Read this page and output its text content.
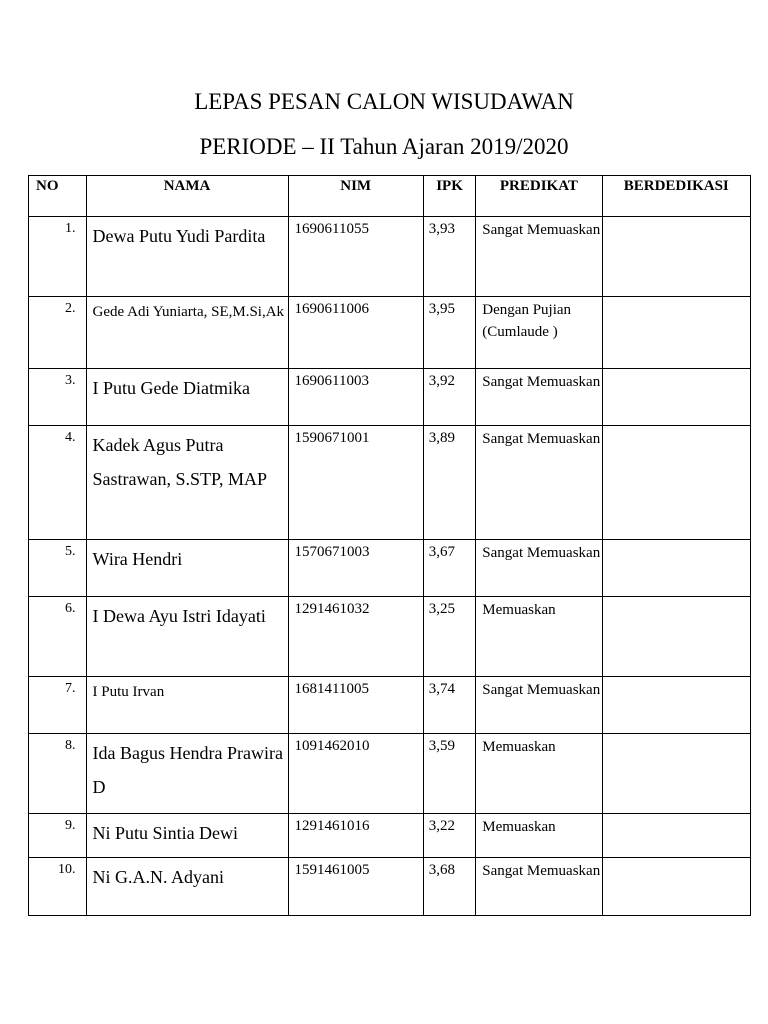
LEPAS PESAN CALON WISUDAWAN
PERIODE – II Tahun Ajaran 2019/2020
NO	NAMA	NIM	IPK	PREDIKAT	BERDEDIKASI
1.	Dewa Putu Yudi Pardita	1690611055	3,93	Sangat Memuaskan	
2.	Gede Adi Yuniarta, SE,M.Si,Ak	1690611006	3,95	Dengan Pujian (Cumlaude )	
3.	I Putu Gede Diatmika	1690611003	3,92	Sangat Memuaskan	
4.	Kadek Agus Putra Sastrawan, S.STP, MAP	1590671001	3,89	Sangat Memuaskan	
5.	Wira Hendri	1570671003	3,67	Sangat Memuaskan	
6.	I Dewa Ayu Istri Idayati	1291461032	3,25	Memuaskan	
7.	I Putu Irvan	1681411005	3,74	Sangat Memuaskan	
8.	Ida Bagus Hendra Prawira D	1091462010	3,59	Memuaskan	
9.	Ni Putu Sintia Dewi	1291461016	3,22	Memuaskan	
10.	Ni G.A.N. Adyani	1591461005	3,68	Sangat Memuaskan	
